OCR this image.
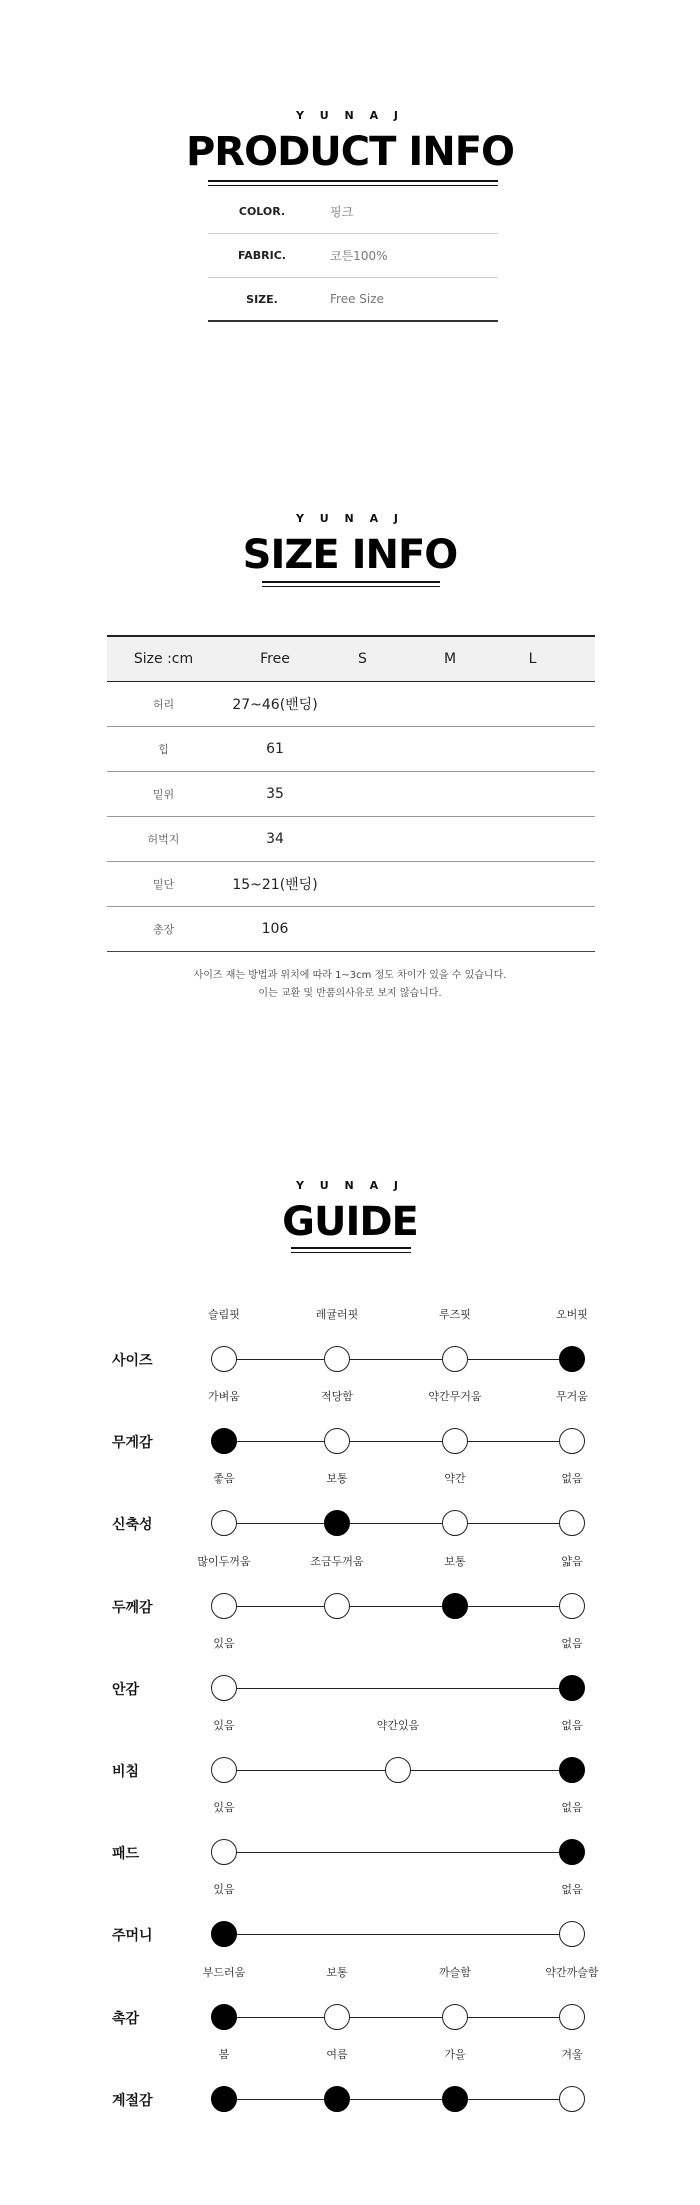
Y U N A J
PRODUCT INFO
COLOR.	핑크
FABRIC.	코튼100%
SIZE.	Free Size
Y U N A J
SIZE INFO
Size :cm	Free	S	M	L
허리	27~46(밴딩)
힙	61
밑위	35
허벅지	34
밑단	15~21(밴딩)
총장	106
사이즈 재는 방법과 위치에 따라 1~3cm 정도 차이가 있을 수 있습니다.
이는 교환 및 반품의사유로 보지 않습니다.
Y U N A J
GUIDE
사이즈
슬림핏	레귤러핏	루즈핏	오버핏
무게감
가벼움	적당함	약간무거움	무거움
신축성
좋음	보통	약간	없음
두께감
많이두꺼움	조금두꺼움	보통	얇음
안감
있음	없음
비침
있음	약간있음	없음
패드
있음	없음
주머니
있음	없음
촉감
부드러움	보통	까슬함	약간까슬함
계절감
봄	여름	가을	겨울
